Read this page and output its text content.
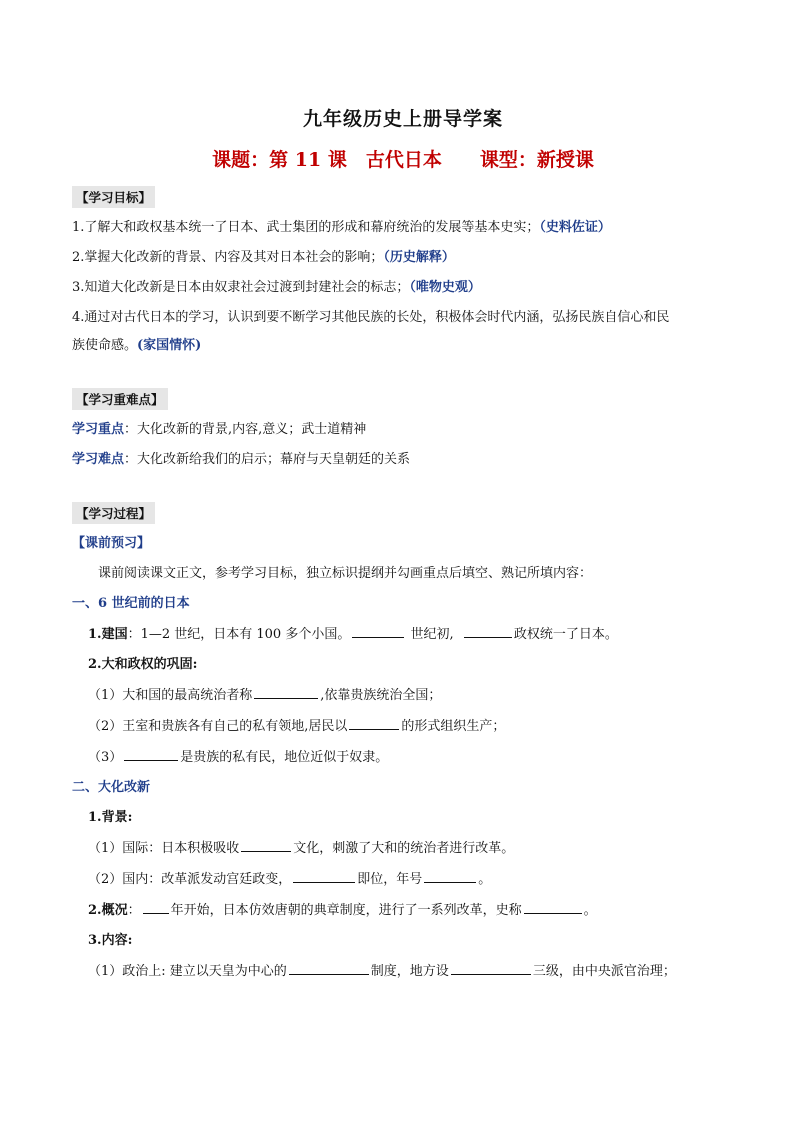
九年级历史上册导学案
课题：第 11 课　古代日本　　课型：新授课
【学习目标】
1.了解大和政权基本统一了日本、武士集团的形成和幕府统治的发展等基本史实；（史料佐证）
2.掌握大化改新的背景、内容及其对日本社会的影响；（历史解释）
3.知道大化改新是日本由奴隶社会过渡到封建社会的标志；（唯物史观）
4.通过对古代日本的学习，认识到要不断学习其他民族的长处，积极体会时代内涵，弘扬民族自信心和民
族使命感。(家国情怀)
【学习重难点】
学习重点：大化改新的背景,内容,意义；武士道精神
学习难点：大化改新给我们的启示；幕府与天皇朝廷的关系
【学习过程】
【课前预习】
课前阅读课文正文，参考学习目标，独立标识提纲并勾画重点后填空、熟记所填内容：
一、6 世纪前的日本
1.建国：1—2 世纪，日本有 100 多个小国。	世纪初,	政权统一了日本。
2.大和政权的巩固:
（1）大和国的最高统治者称	,依靠贵族统治全国；
（2）王室和贵族各有自己的私有领地,居民以	的形式组织生产；
（3）	是贵族的私有民，地位近似于奴隶。
二、大化改新
1.背景:
（1）国际：日本积极吸收	文化，刺激了大和的统治者进行改革。
（2）国内：改革派发动宫廷政变，	即位，年号	。
2.概况： 年开始，日本仿效唐朝的典章制度，进行了一系列改革，史称	。
3.内容:
（1）政治上: 建立以天皇为中心的	制度，地方设	三级，由中央派官治理；
